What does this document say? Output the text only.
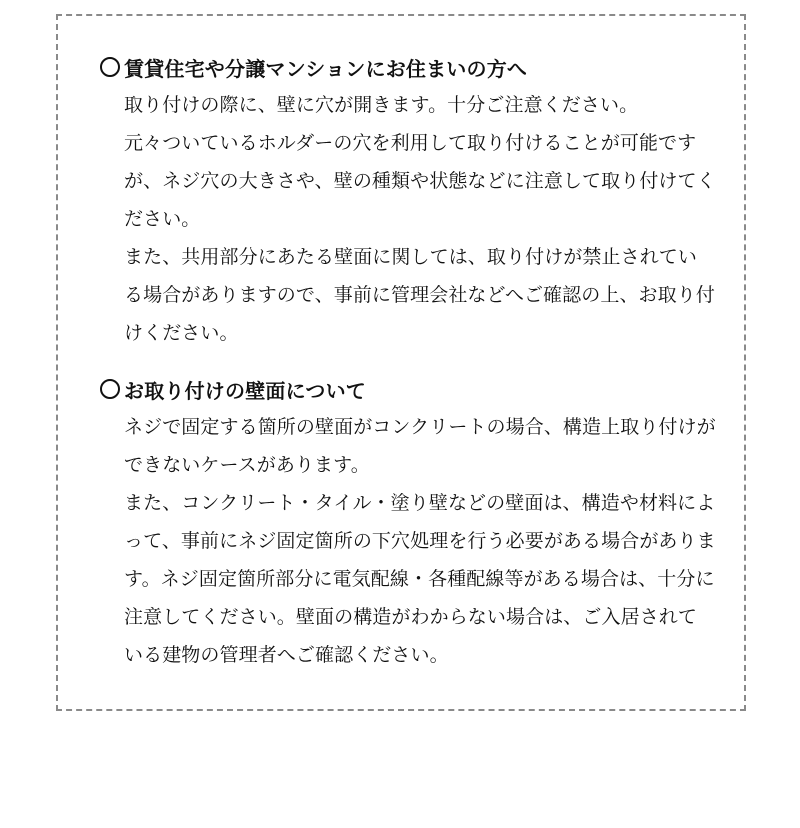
賃貸住宅や分譲マンションにお住まいの方へ
取り付けの際に、壁に穴が開きます。十分ご注意ください。
元々ついているホルダーの穴を利用して取り付けることが可能ですが、ネジ穴の大きさや、壁の種類や状態などに注意して取り付けてください。
また、共用部分にあたる壁面に関しては、取り付けが禁止されている場合がありますので、事前に管理会社などへご確認の上、お取り付けください。
お取り付けの壁面について
ネジで固定する箇所の壁面がコンクリートの場合、構造上取り付けができないケースがあります。
また、コンクリート・タイル・塗り壁などの壁面は、構造や材料によって、事前にネジ固定箇所の下穴処理を行う必要がある場合があります。ネジ固定箇所部分に電気配線・各種配線等がある場合は、十分に注意してください。壁面の構造がわからない場合は、ご入居されている建物の管理者へご確認ください。
